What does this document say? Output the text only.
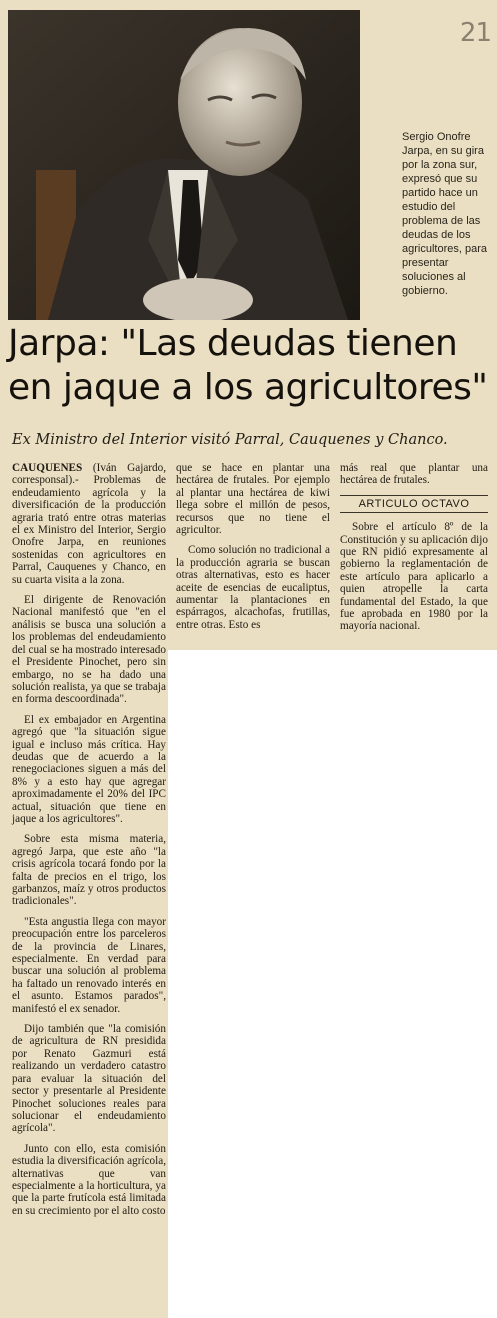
21
Sergio Onofre Jarpa, en su gira por la zona sur, expresó que su partido hace un estudio del problema de las deudas de los agricultores, para presentar soluciones al gobierno.
Jarpa: "Las deudas tienen
en jaque a los agricultores"
Ex Ministro del Interior visitó Parral, Cauquenes y Chanco.

CAUQUENES (Iván Gajardo, corresponsal).- Problemas de endeudamiento agrícola y la diversificación de la producción agraria trató entre otras materias el ex Ministro del Interior, Sergio Onofre Jarpa, en reuniones sostenidas con agricultores en Parral, Cauquenes y Chanco, en su cuarta visita a la zona.

El dirigente de Renovación Nacional manifestó que "en el análisis se busca una solución a los problemas del endeudamiento del cual se ha mostrado interesado el Presidente Pinochet, pero sin embargo, no se ha dado una solución realista, ya que se trabaja en forma descoordinada".

El ex embajador en Argentina agregó que "la situación sigue igual e incluso más crítica. Hay deudas que de acuerdo a la renegociaciones siguen a más del 8% y a esto hay que agregar aproximadamente el 20% del IPC actual, situación que tiene en jaque a los agricultores".

Sobre esta misma materia, agregó Jarpa, que este año "la crisis agrícola tocará fondo por la falta de precios en el trigo, los garbanzos, maíz y otros productos tradicionales".

"Esta angustia llega con mayor preocupación entre los parceleros de la provincia de Linares, especialmente. En verdad para buscar una solución al problema ha faltado un renovado interés en el asunto. Estamos parados", manifestó el ex senador.

Dijo también que "la comisión de agricultura de RN presidida por Renato Gazmuri está realizando un verdadero catastro para evaluar la situación del sector y presentarle al Presidente Pinochet soluciones reales para solucionar el endeudamiento agrícola".

Junto con ello, esta comisión estudia la diversificación agrícola, alternativas que van especialmente a la horticultura, ya que la parte frutícola está limitada en su crecimiento por el alto costo

que se hace en plantar una hectárea de frutales. Por ejemplo al plantar una hectárea de kiwi llega sobre el millón de pesos, recursos que no tiene el agricultor.

Como solución no tradicional a la producción agraria se buscan otras alternativas, esto es hacer aceite de esencias de eucaliptus, aumentar la plantaciones en espárragos, alcachofas, frutillas, entre otras. Esto es

más real que plantar una hectárea de frutales.

ARTICULO OCTAVO

Sobre el artículo 8º de la Constitución y su aplicación dijo que RN pidió expresamente al gobierno la reglamentación de este artículo para aplicarlo a quien atropelle la carta fundamental del Estado, la que fue aprobada en 1980 por la mayoría nacional.
